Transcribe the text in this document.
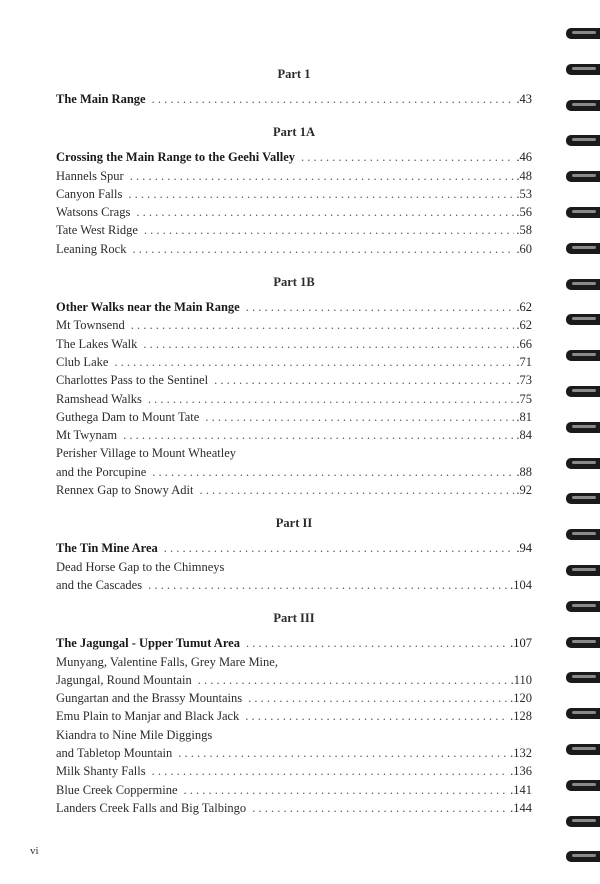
Part 1
The Main Range . . .	.43
Part 1A
Crossing the Main Range to the Geehi Valley . . .	.46
Hannels Spur . . .	.48
Canyon Falls . . .	.53
Watsons Crags . . .	.56
Tate West Ridge . . .	.58
Leaning Rock . . .	.60
Part 1B
Other Walks near the Main Range . . .	.62
Mt Townsend . . .	.62
The Lakes Walk . . .	.66
Club Lake . . .	.71
Charlottes Pass to the Sentinel . . .	.73
Ramshead Walks . . .	.75
Guthega Dam to Mount Tate . . .	.81
Mt Twynam . . .	.84
Perisher Village to Mount Wheatley
and the Porcupine . . .	.88
Rennex Gap to Snowy Adit . . .	.92
Part II
The Tin Mine Area . . .	.94
Dead Horse Gap to the Chimneys
and the Cascades . . .	.104
Part III
The Jagungal - Upper Tumut Area . . .	.107
Munyang, Valentine Falls, Grey Mare Mine,
Jagungal, Round Mountain . . .	.110
Gungartan and the Brassy Mountains . . .	.120
Emu Plain to Manjar and Black Jack . . .	.128
Kiandra to Nine Mile Diggings
and Tabletop Mountain . . .	.132
Milk Shanty Falls . . .	.136
Blue Creek Coppermine . . .	.141
Landers Creek Falls and Big Talbingo . . .	.144
vi
